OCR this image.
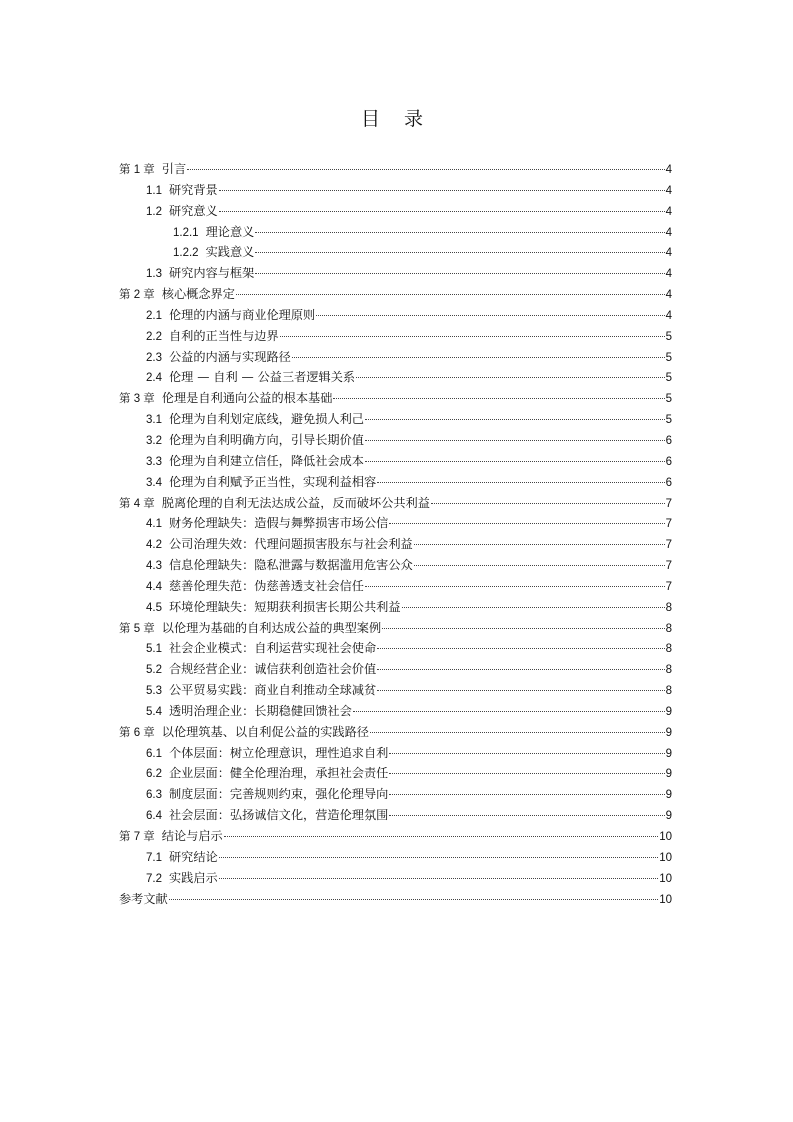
目 录
第 1 章 引言	4
1.1 研究背景	4
1.2 研究意义	4
1.2.1 理论意义	4
1.2.2 实践意义	4
1.3 研究内容与框架	4
第 2 章 核心概念界定	4
2.1 伦理的内涵与商业伦理原则	4
2.2 自利的正当性与边界	5
2.3 公益的内涵与实现路径	5
2.4 伦理 — 自利 — 公益三者逻辑关系	5
第 3 章 伦理是自利通向公益的根本基础	5
3.1 伦理为自利划定底线，避免损人利己	5
3.2 伦理为自利明确方向，引导长期价值	6
3.3 伦理为自利建立信任，降低社会成本	6
3.4 伦理为自利赋予正当性，实现利益相容	6
第 4 章 脱离伦理的自利无法达成公益，反而破坏公共利益	7
4.1 财务伦理缺失：造假与舞弊损害市场公信	7
4.2 公司治理失效：代理问题损害股东与社会利益	7
4.3 信息伦理缺失：隐私泄露与数据滥用危害公众	7
4.4 慈善伦理失范：伪慈善透支社会信任	7
4.5 环境伦理缺失：短期获利损害长期公共利益	8
第 5 章 以伦理为基础的自利达成公益的典型案例	8
5.1 社会企业模式：自利运营实现社会使命	8
5.2 合规经营企业：诚信获利创造社会价值	8
5.3 公平贸易实践：商业自利推动全球减贫	8
5.4 透明治理企业：长期稳健回馈社会	9
第 6 章 以伦理筑基、以自利促公益的实践路径	9
6.1 个体层面：树立伦理意识，理性追求自利	9
6.2 企业层面：健全伦理治理，承担社会责任	9
6.3 制度层面：完善规则约束，强化伦理导向	9
6.4 社会层面：弘扬诚信文化，营造伦理氛围	9
第 7 章 结论与启示	10
7.1 研究结论	10
7.2 实践启示	10
参考文献	10
